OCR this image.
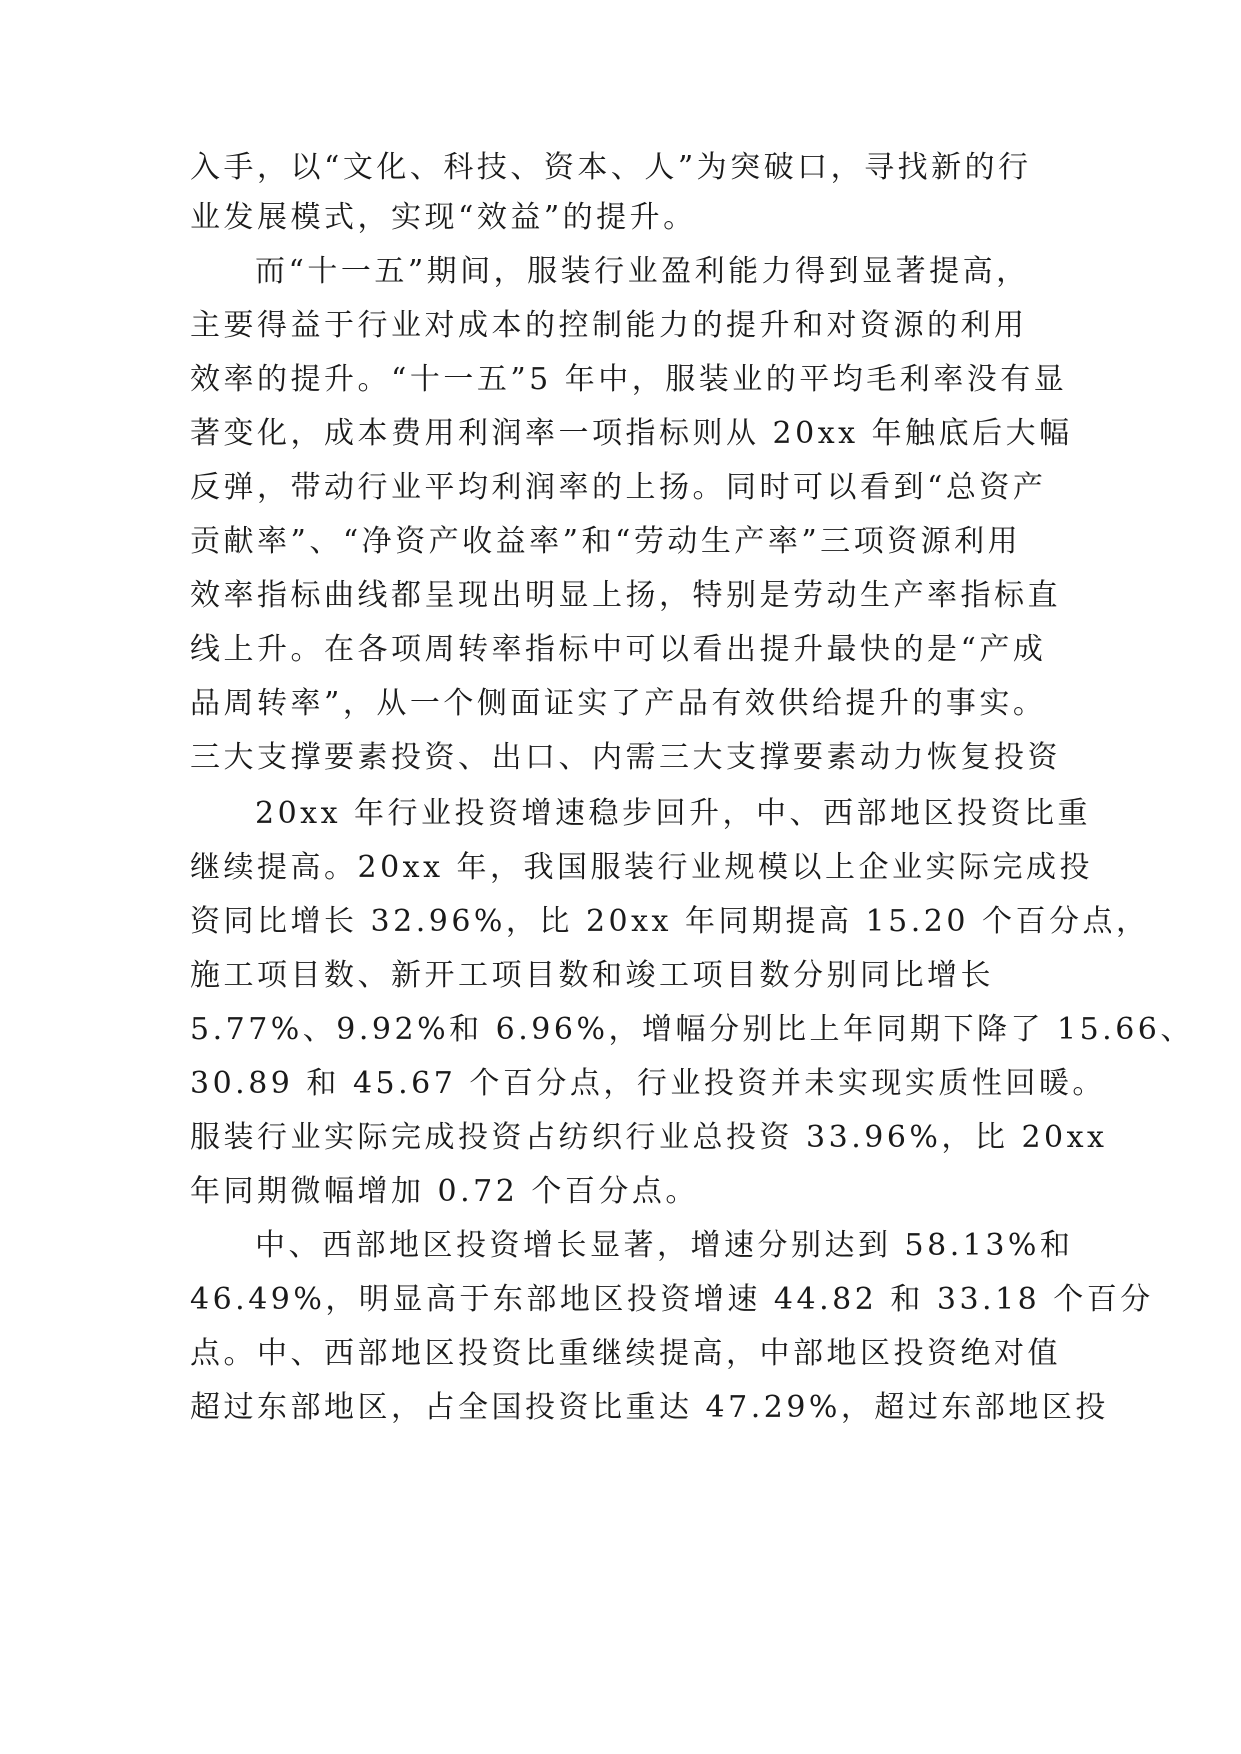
入手，以“文化、科技、资本、人”为突破口，寻找新的行
业发展模式，实现“效益”的提升。
而“十一五”期间，服装行业盈利能力得到显著提高，
主要得益于行业对成本的控制能力的提升和对资源的利用
效率的提升。“十一五”5 年中，服装业的平均毛利率没有显
著变化，成本费用利润率一项指标则从 20xx 年触底后大幅
反弹，带动行业平均利润率的上扬。同时可以看到“总资产
贡献率”、“净资产收益率”和“劳动生产率”三项资源利用
效率指标曲线都呈现出明显上扬，特别是劳动生产率指标直
线上升。在各项周转率指标中可以看出提升最快的是“产成
品周转率”，从一个侧面证实了产品有效供给提升的事实。
三大支撑要素投资、出口、内需三大支撑要素动力恢复投资
20xx 年行业投资增速稳步回升，中、西部地区投资比重
继续提高。20xx 年，我国服装行业规模以上企业实际完成投
资同比增长 32.96%，比 20xx 年同期提高 15.20 个百分点，
施工项目数、新开工项目数和竣工项目数分别同比增长
5.77%、9.92%和 6.96%，增幅分别比上年同期下降了 15.66、
30.89 和 45.67 个百分点，行业投资并未实现实质性回暖。
服装行业实际完成投资占纺织行业总投资 33.96%，比 20xx
年同期微幅增加 0.72 个百分点。
中、西部地区投资增长显著，增速分别达到 58.13%和
46.49%，明显高于东部地区投资增速 44.82 和 33.18 个百分
点。中、西部地区投资比重继续提高，中部地区投资绝对值
超过东部地区，占全国投资比重达 47.29%，超过东部地区投
